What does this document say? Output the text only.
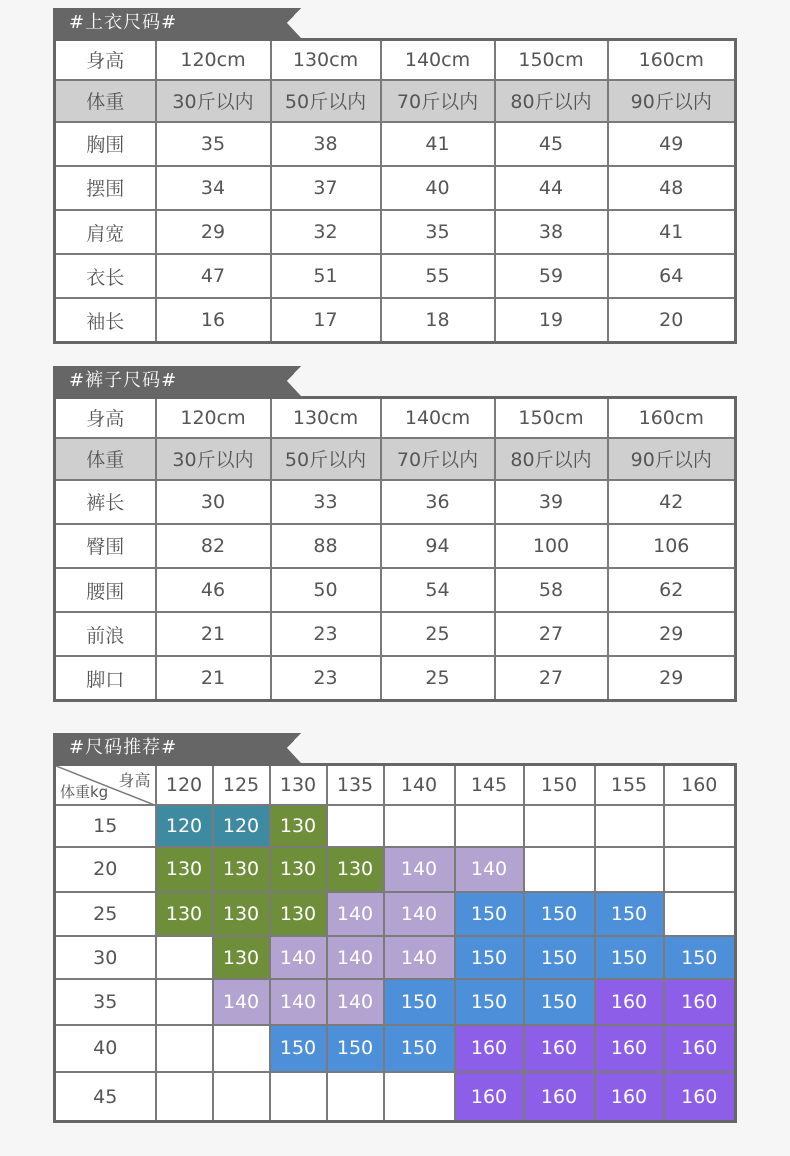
#上衣尺码#
身高	120cm	130cm	140cm	150cm	160cm
体重	30斤以内	50斤以内	70斤以内	80斤以内	90斤以内
胸围	35	38	41	45	49
摆围	34	37	40	44	48
肩宽	29	32	35	38	41
衣长	47	51	55	59	64
袖长	16	17	18	19	20
#裤子尺码#
身高	120cm	130cm	140cm	150cm	160cm
体重	30斤以内	50斤以内	70斤以内	80斤以内	90斤以内
裤长	30	33	36	39	42
臀围	82	88	94	100	106
腰围	46	50	54	58	62
前浪	21	23	25	27	29
脚口	21	23	25	27	29
#尺码推荐#
身高
体重kg	120	125	130	135	140	145	150	155	160
15	120	120	130						
20	130	130	130	130	140	140			
25	130	130	130	140	140	150	150	150	
30		130	140	140	140	150	150	150	150
35		140	140	140	150	150	150	160	160
40			150	150	150	160	160	160	160
45						160	160	160	160
